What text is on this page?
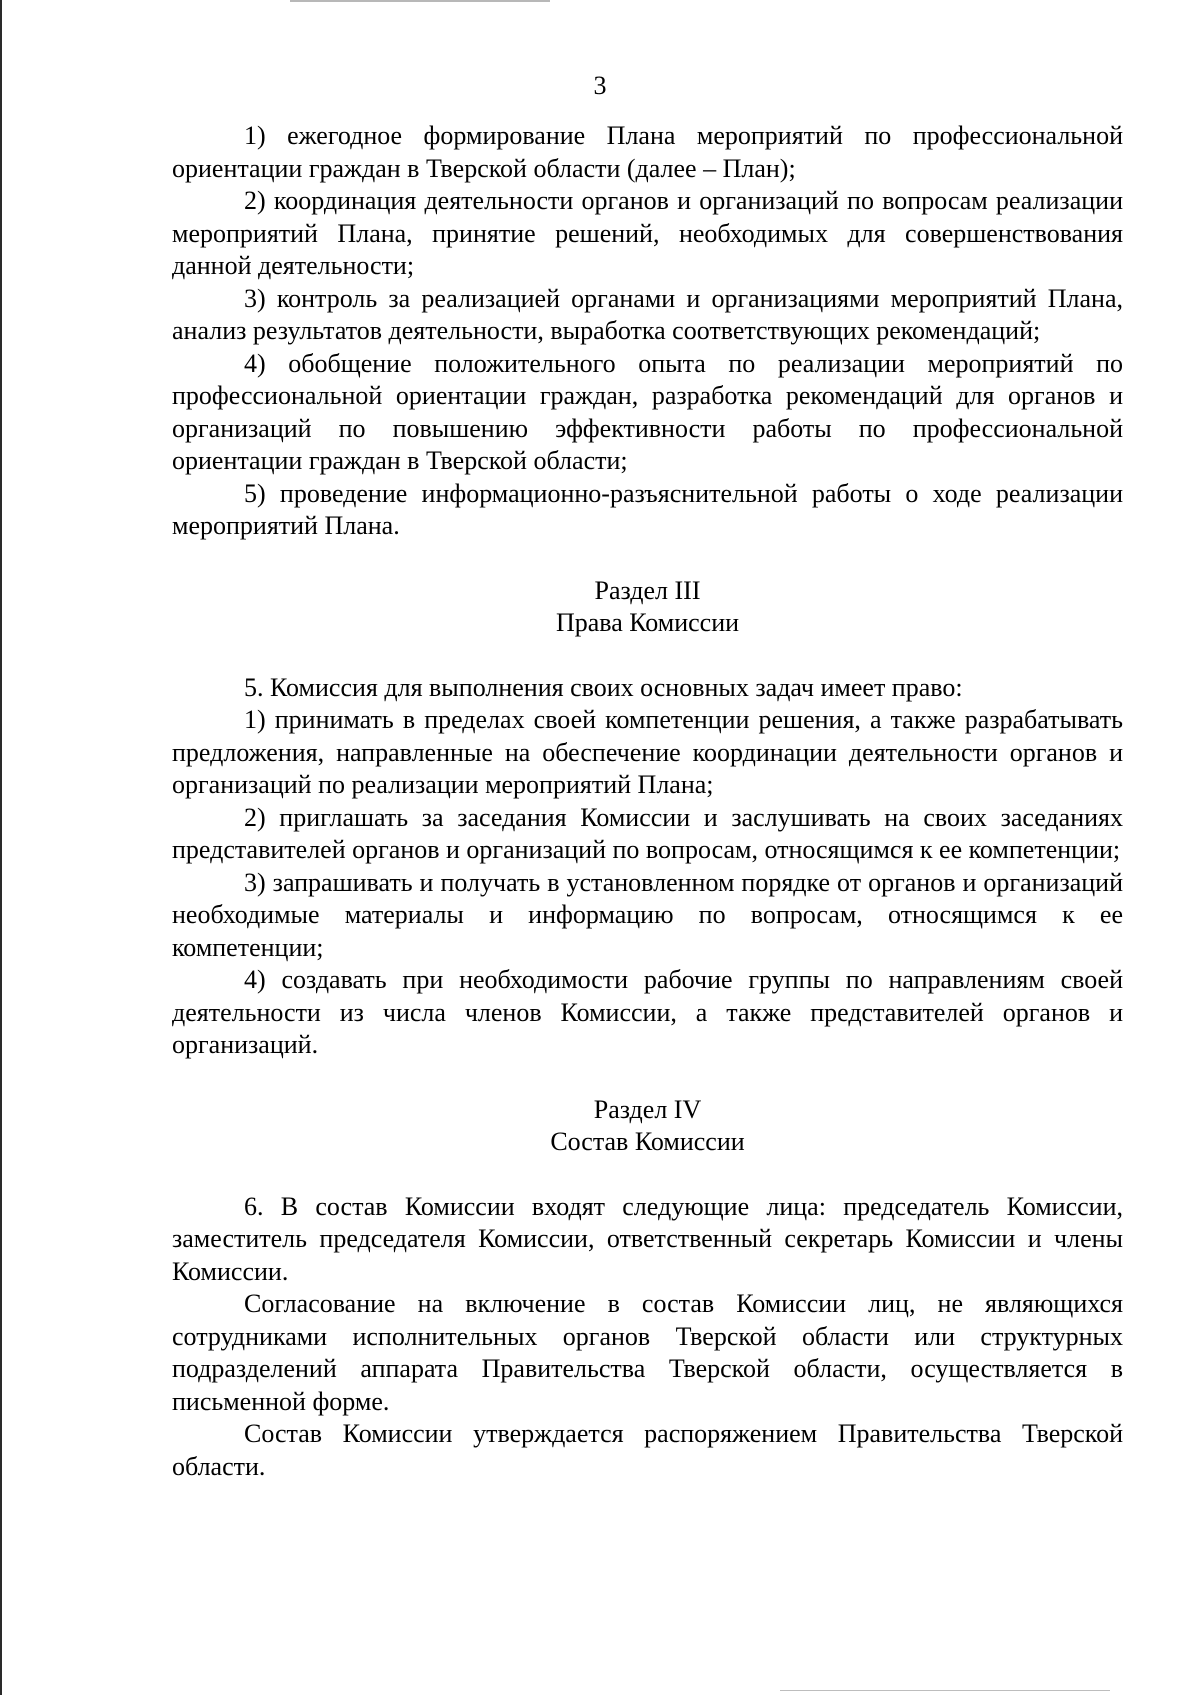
3

1) ежегодное формирование Плана мероприятий по профессиональной ориентации граждан в Тверской области (далее – План);

2) координация деятельности органов и организаций по вопросам реализации мероприятий Плана, принятие решений, необходимых для совершенствования данной деятельности;

3) контроль за реализацией органами и организациями мероприятий Плана, анализ результатов деятельности, выработка соответствующих рекомендаций;

4) обобщение положительного опыта по реализации мероприятий по профессиональной ориентации граждан, разработка рекомендаций для органов и организаций по повышению эффективности работы по профессиональной ориентации граждан в Тверской области;

5) проведение информационно-разъяснительной работы о ходе реализации мероприятий Плана.

Раздел III
Права Комиссии

5. Комиссия для выполнения своих основных задач имеет право:

1) принимать в пределах своей компетенции решения, а также разрабатывать предложения, направленные на обеспечение координации деятельности органов и организаций по реализации мероприятий Плана;

2) приглашать за заседания Комиссии и заслушивать на своих заседаниях представителей органов и организаций по вопросам, относящимся к ее компетенции;

3) запрашивать и получать в установленном порядке от органов и организаций необходимые материалы и информацию по вопросам, относящимся к ее компетенции;

4) создавать при необходимости рабочие группы по направлениям своей деятельности из числа членов Комиссии, а также представителей органов и организаций.

Раздел IV
Состав Комиссии

6. В состав Комиссии входят следующие лица: председатель Комиссии, заместитель председателя Комиссии, ответственный секретарь Комиссии и члены Комиссии.

Согласование на включение в состав Комиссии лиц, не являющихся сотрудниками исполнительных органов Тверской области или структурных подразделений аппарата Правительства Тверской области, осуществляется в письменной форме.

Состав Комиссии утверждается распоряжением Правительства Тверской области.
